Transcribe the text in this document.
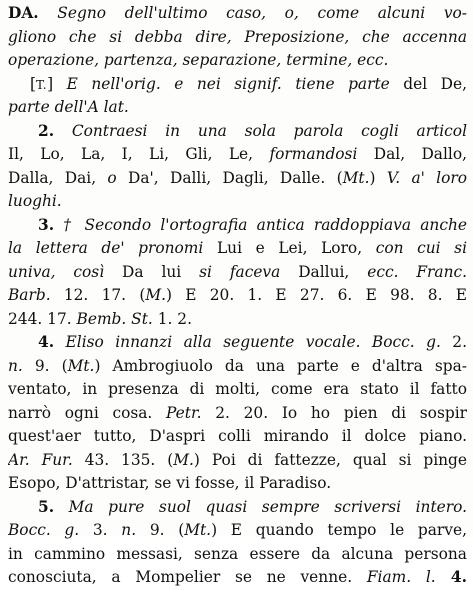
DA. Segno dell'ultimo caso, o, come alcuni vo-
gliono che si debba dire, Preposizione, che accenna
operazione, partenza, separazione, termine, ecc.
[T.] E nell'orig. e nei signif. tiene parte del De,
parte dell'A lat.
2. Contraesi in una sola parola cogli articol
Il, Lo, La, I, Li, Gli, Le, formandosi Dal, Dallo,
Dalla, Dai, o Da', Dalli, Dagli, Dalle. (Mt.) V. a' loro
luoghi.
3. † Secondo l'ortografia antica raddoppiava anche
la lettera de' pronomi Lui e Lei, Loro, con cui si
univa, così Da lui si faceva Dallui, ecc. Franc.
Barb. 12. 17. (M.) E 20. 1. E 27. 6. E 98. 8. E
244. 17. Bemb. St. 1. 2.
4. Eliso innanzi alla seguente vocale. Bocc. g. 2.
n. 9. (Mt.) Ambrogiuolo da una parte e d'altra spa-
ventato, in presenza di molti, come era stato il fatto
narrò ogni cosa. Petr. 2. 20. Io ho pien di sospir
quest'aer tutto, D'aspri colli mirando il dolce piano.
Ar. Fur. 43. 135. (M.) Poi di fattezze, qual si pinge
Esopo, D'attristar, se vi fosse, il Paradiso.
5. Ma pure suol quasi sempre scriversi intero.
Bocc. g. 3. n. 9. (Mt.) E quando tempo le parve,
in cammino messasi, senza essere da alcuna persona
conosciuta, a Mompelier se ne venne. Fiam. l. 4.
